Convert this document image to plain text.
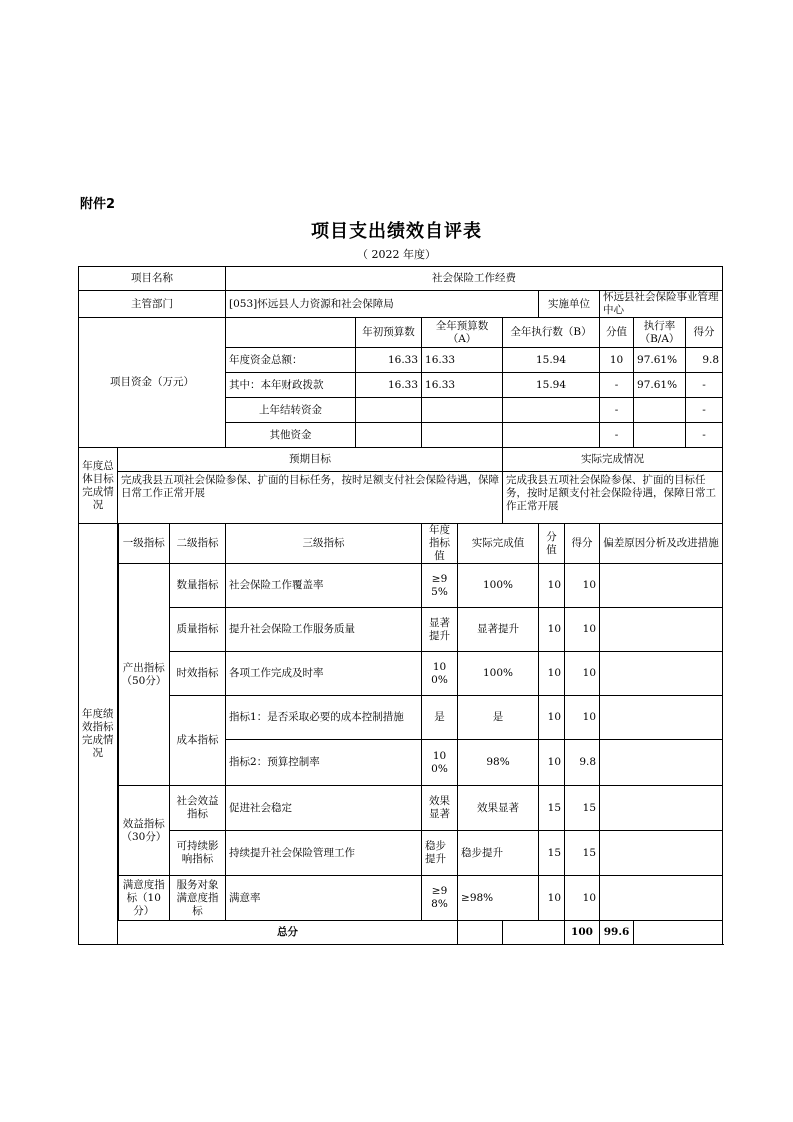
附件2
项目支出绩效自评表
（ 2022 年度）
项目名称			社会保险工作经费									
主管部门			[053]怀远县人力资源和社会保障局					实施单位		怀远县社会保险事业管理中心		
项目资金（万元）				年初预算数	全年预算数（A）		全年执行数（B）			分值	执行率（B/A）	得分
			年度资金总额：	16.33	16.33		15.94			10	97.61%	9.8
			其中：本年财政拨款	16.33	16.33		15.94			-	97.61%	-
			上年结转资金							-		-
			其他资金							-		-
年度总体目标完成情况	预期目标						实际完成情况					
	完成我县五项社会保险参保、扩面的目标任务，按时足额支付社会保险待遇，保障日常工作正常开展						完成我县五项社会保险参保、扩面的目标任务，按时足额支付社会保险待遇，保障日常工作正常开展					
年度绩效指标完成情况	一级指标	二级指标	三级指标		年度指标值	实际完成值		分值	得分	偏差原因分析及改进措施		
	产出指标（50分）	数量指标	社会保险工作覆盖率		≥95%	100%		10	10			
		质量指标	提升社会保险工作服务质量		显著提升	显著提升		10	10			
		时效指标	各项工作完成及时率		100%	100%		10	10			
		成本指标	指标1：是否采取必要的成本控制措施		是	是		10	10			
			指标2：预算控制率		100%	98%		10	9.8			
	效益指标（30分）	社会效益指标	促进社会稳定		效果显著	效果显著		15	15			
		可持续影响指标	持续提升社会保险管理工作		稳步提升	稳步提升		15	15			
	满意度指标（10分）	服务对象满意度指标	满意率		≥98%	≥98%		10	10			
	总分								100	99.6		
